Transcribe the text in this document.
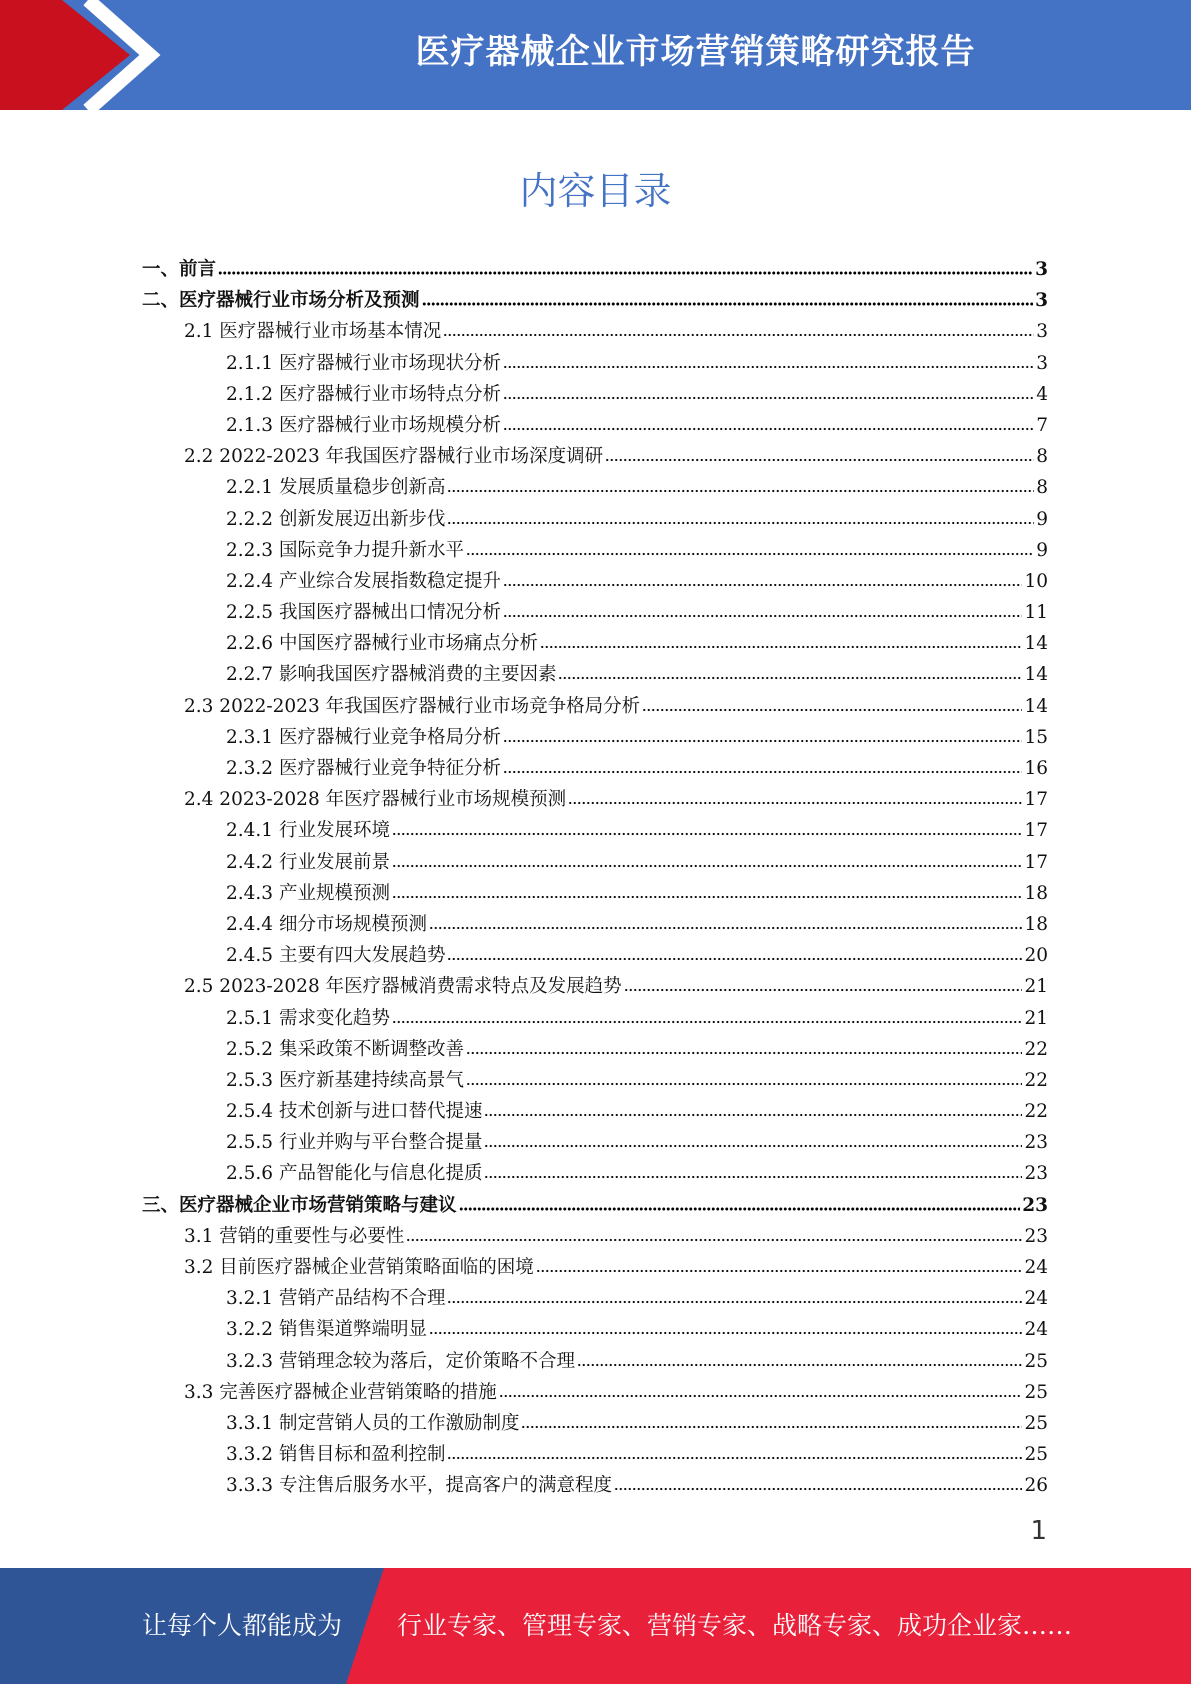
医疗器械企业市场营销策略研究报告
内容目录
一、前言	3
二、医疗器械行业市场分析及预测	3
2.1 医疗器械行业市场基本情况	3
2.1.1 医疗器械行业市场现状分析	3
2.1.2 医疗器械行业市场特点分析	4
2.1.3 医疗器械行业市场规模分析	7
2.2 2022-2023 年我国医疗器械行业市场深度调研	8
2.2.1 发展质量稳步创新高	8
2.2.2 创新发展迈出新步伐	9
2.2.3 国际竞争力提升新水平	9
2.2.4 产业综合发展指数稳定提升	10
2.2.5 我国医疗器械出口情况分析	11
2.2.6 中国医疗器械行业市场痛点分析	14
2.2.7 影响我国医疗器械消费的主要因素	14
2.3 2022-2023 年我国医疗器械行业市场竞争格局分析	14
2.3.1 医疗器械行业竞争格局分析	15
2.3.2 医疗器械行业竞争特征分析	16
2.4 2023-2028 年医疗器械行业市场规模预测	17
2.4.1 行业发展环境	17
2.4.2 行业发展前景	17
2.4.3 产业规模预测	18
2.4.4 细分市场规模预测	18
2.4.5 主要有四大发展趋势	20
2.5 2023-2028 年医疗器械消费需求特点及发展趋势	21
2.5.1 需求变化趋势	21
2.5.2 集采政策不断调整改善	22
2.5.3 医疗新基建持续高景气	22
2.5.4 技术创新与进口替代提速	22
2.5.5 行业并购与平台整合提量	23
2.5.6 产品智能化与信息化提质	23
三、医疗器械企业市场营销策略与建议	23
3.1 营销的重要性与必要性	23
3.2 目前医疗器械企业营销策略面临的困境	24
3.2.1 营销产品结构不合理	24
3.2.2 销售渠道弊端明显	24
3.2.3 营销理念较为落后，定价策略不合理	25
3.3 完善医疗器械企业营销策略的措施	25
3.3.1 制定营销人员的工作激励制度	25
3.3.2 销售目标和盈利控制	25
3.3.3 专注售后服务水平，提高客户的满意程度	26
1
让每个人都能成为 行业专家、管理专家、营销专家、战略专家、成功企业家……
